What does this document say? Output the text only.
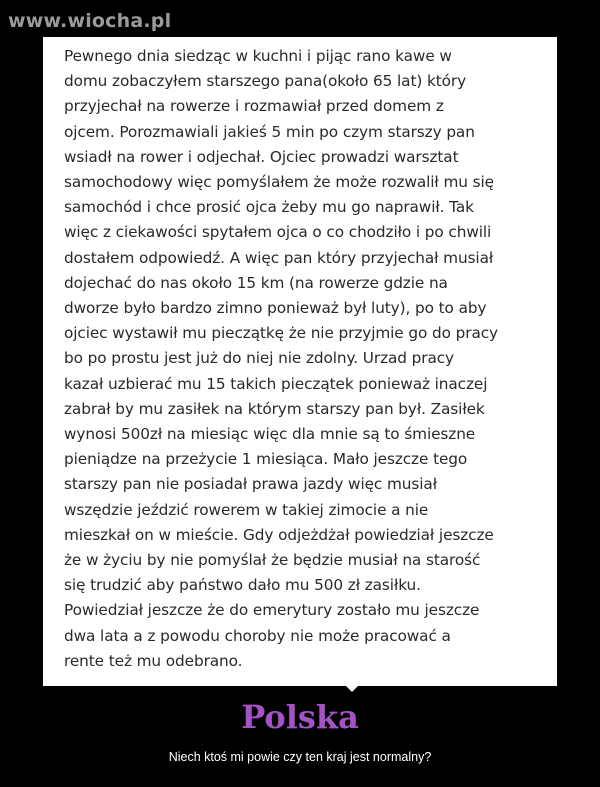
www.wiocha.pl

Pewnego dnia siedząc w kuchni i pijąc rano kawe w
domu zobaczyłem starszego pana(około 65 lat) który
przyjechał na rowerze i rozmawiał przed domem z
ojcem. Porozmawiali jakieś 5 min po czym starszy pan
wsiadł na rower i odjechał. Ojciec prowadzi warsztat
samochodowy więc pomyślałem że może rozwalił mu się
samochód i chce prosić ojca żeby mu go naprawił. Tak
więc z ciekawości spytałem ojca o co chodziło i po chwili
dostałem odpowiedź. A więc pan który przyjechał musiał
dojechać do nas około 15 km (na rowerze gdzie na
dworze było bardzo zimno ponieważ był luty), po to aby
ojciec wystawił mu pieczątkę że nie przyjmie go do pracy
bo po prostu jest już do niej nie zdolny. Urzad pracy
kazał uzbierać mu 15 takich pieczątek ponieważ inaczej
zabrał by mu zasiłek na którym starszy pan był. Zasiłek
wynosi 500zł na miesiąc więc dla mnie są to śmieszne
pieniądze na przeżycie 1 miesiąca. Mało jeszcze tego
starszy pan nie posiadał prawa jazdy więc musiał
wszędzie jeździć rowerem w takiej zimocie a nie
mieszkał on w mieście. Gdy odjeżdżał powiedział jeszcze
że w życiu by nie pomyślał że będzie musiał na starość
się trudzić aby państwo dało mu 500 zł zasiłku.
Powiedział jeszcze że do emerytury zostało mu jeszcze
dwa lata a z powodu choroby nie może pracować a
rente też mu odebrano.

Polska

Niech ktoś mi powie czy ten kraj jest normalny?
